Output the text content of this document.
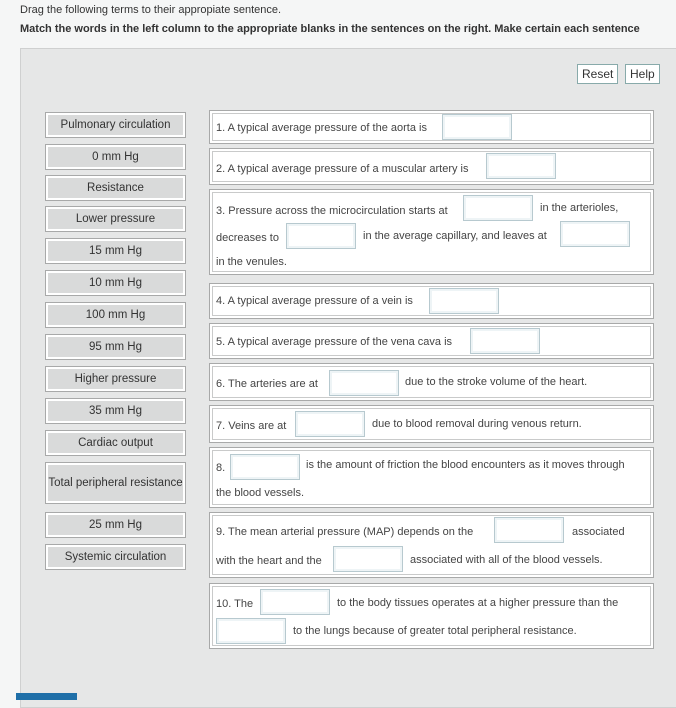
Drag the following terms to their appropiate sentence.
Match the words in the left column to the appropriate blanks in the sentences on the right. Make certain each sentence
Reset	Help
Pulmonary circulation
0 mm Hg
Resistance
Lower pressure
15 mm Hg
10 mm Hg
100 mm Hg
95 mm Hg
Higher pressure
35 mm Hg
Cardiac output
Total peripheral resistance
25 mm Hg
Systemic circulation
1. A typical average pressure of the aorta is
2. A typical average pressure of a muscular artery is
3. Pressure across the microcirculation starts at	in the arterioles,
decreases to	in the average capillary, and leaves at
in the venules.
4. A typical average pressure of a vein is
5. A typical average pressure of the vena cava is
6. The arteries are at	due to the stroke volume of the heart.
7. Veins are at	due to blood removal during venous return.
8.	is the amount of friction the blood encounters as it moves through
the blood vessels.
9. The mean arterial pressure (MAP) depends on the	associated
with the heart and the	associated with all of the blood vessels.
10. The	to the body tissues operates at a higher pressure than the
to the lungs because of greater total peripheral resistance.
